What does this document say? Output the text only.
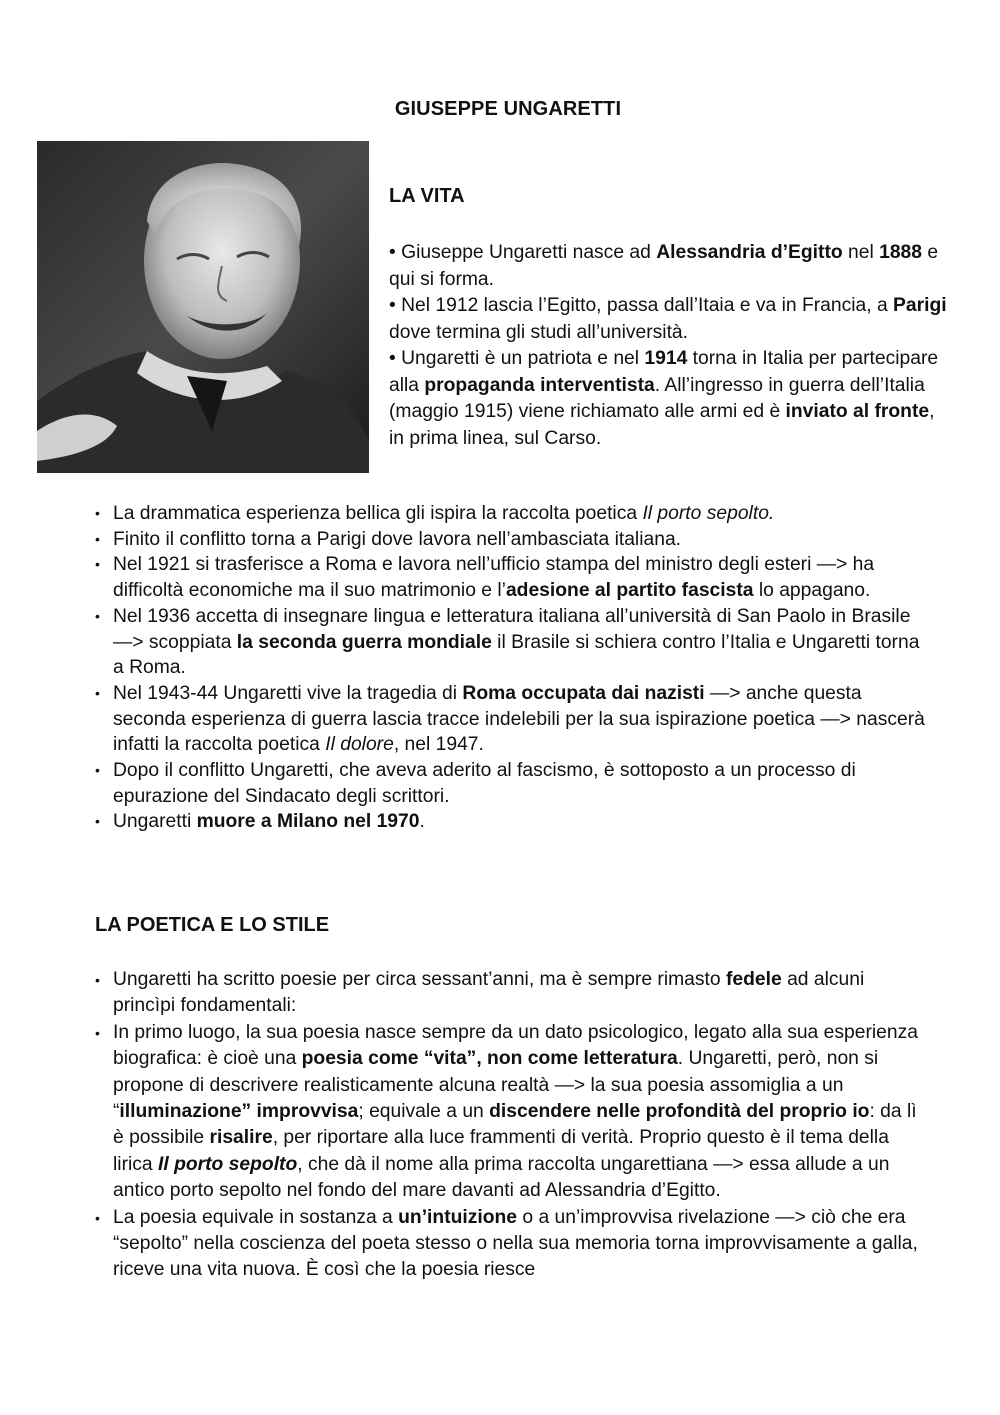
GIUSEPPE UNGARETTI
LA VITA

• Giuseppe Ungaretti nasce ad Alessandria d’Egitto nel 1888 e qui si forma.

• Nel 1912 lascia l’Egitto, passa dall’Itaia e va in Francia, a Parigi dove termina gli studi all’università.

• Ungaretti è un patriota e nel 1914 torna in Italia per partecipare alla propaganda interventista. All’ingresso in guerra dell’Italia (maggio 1915) viene richiamato alle armi ed è inviato al fronte, in prima linea, sul Carso.

• La drammatica esperienza bellica gli ispira la raccolta poetica Il porto sepolto.
• Finito il conflitto torna a Parigi dove lavora nell’ambasciata italiana.
• Nel 1921 si trasferisce a Roma e lavora nell’ufficio stampa del ministro degli esteri —> ha difficoltà economiche ma il suo matrimonio e l’adesione al partito fascista lo appagano.
• Nel 1936 accetta di insegnare lingua e letteratura italiana all’università di San Paolo in Brasile —> scoppiata la seconda guerra mondiale il Brasile si schiera contro l’Italia e Ungaretti torna a Roma.
• Nel 1943-44 Ungaretti vive la tragedia di Roma occupata dai nazisti —> anche questa seconda esperienza di guerra lascia tracce indelebili per la sua ispirazione poetica —> nascerà infatti la raccolta poetica Il dolore, nel 1947.
• Dopo il conflitto Ungaretti, che aveva aderito al fascismo, è sottoposto a un processo di epurazione del Sindacato degli scrittori.
• Ungaretti muore a Milano nel 1970.
LA POETICA E LO STILE
• Ungaretti ha scritto poesie per circa sessant’anni, ma è sempre rimasto fedele ad alcuni princìpi fondamentali:
• In primo luogo, la sua poesia nasce sempre da un dato psicologico, legato alla sua esperienza biografica: è cioè una poesia come “vita”, non come letteratura. Ungaretti, però, non si propone di descrivere realisticamente alcuna realtà —> la sua poesia assomiglia a un “illuminazione” improvvisa; equivale a un discendere nelle profondità del proprio io: da lì è possibile risalire, per riportare alla luce frammenti di verità. Proprio questo è il tema della lirica Il porto sepolto, che dà il nome alla prima raccolta ungarettiana —> essa allude a un antico porto sepolto nel fondo del mare davanti ad Alessandria d’Egitto.
• La poesia equivale in sostanza a un’intuizione o a un’improvvisa rivelazione —> ciò che era “sepolto” nella coscienza del poeta stesso o nella sua memoria torna improvvisamente a galla, riceve una vita nuova. È così che la poesia riesce
